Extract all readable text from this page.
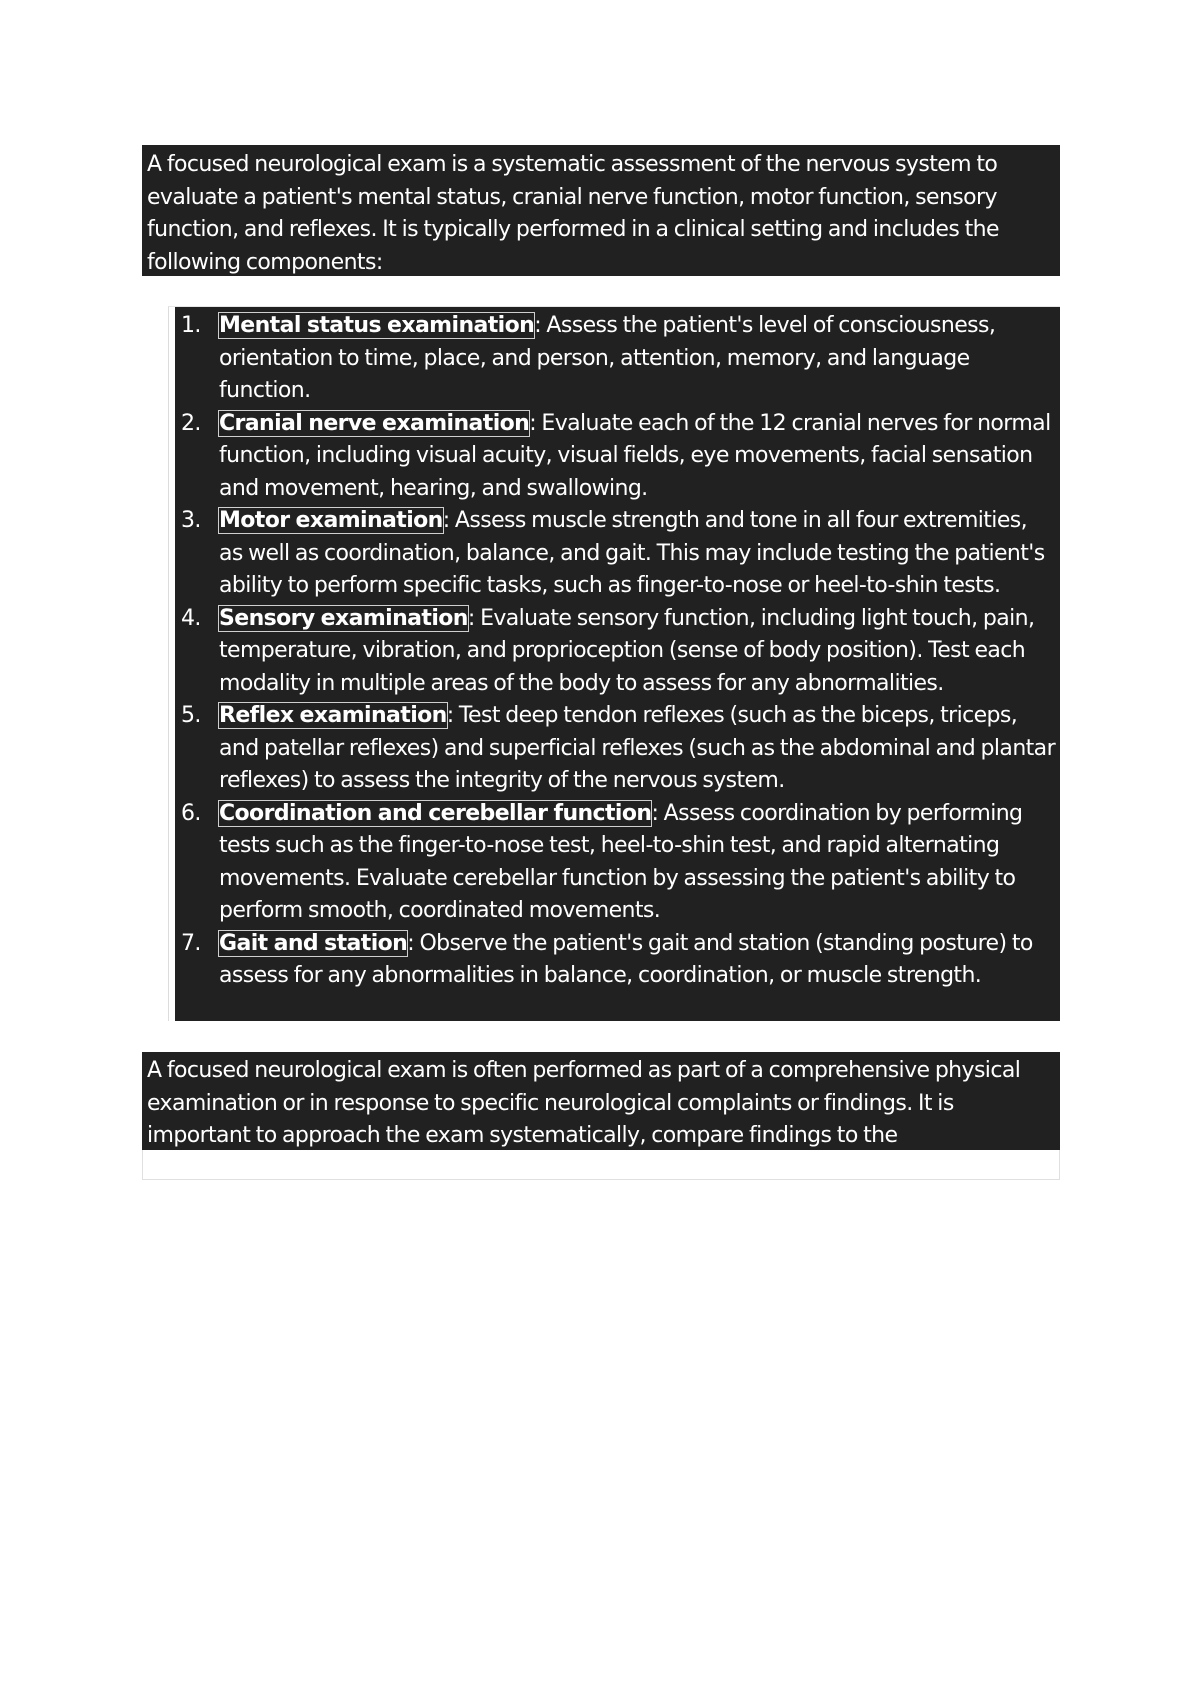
A focused neurological exam is a systematic assessment of the nervous system to evaluate a patient's mental status, cranial nerve function, motor function, sensory function, and reflexes. It is typically performed in a clinical setting and includes the following components:
1. Mental status examination: Assess the patient's level of consciousness, orientation to time, place, and person, attention, memory, and language function.
2. Cranial nerve examination: Evaluate each of the 12 cranial nerves for normal function, including visual acuity, visual fields, eye movements, facial sensation and movement, hearing, and swallowing.
3. Motor examination: Assess muscle strength and tone in all four extremities, as well as coordination, balance, and gait. This may include testing the patient's ability to perform specific tasks, such as finger-to-nose or heel-to-shin tests.
4. Sensory examination: Evaluate sensory function, including light touch, pain, temperature, vibration, and proprioception (sense of body position). Test each modality in multiple areas of the body to assess for any abnormalities.
5. Reflex examination: Test deep tendon reflexes (such as the biceps, triceps, and patellar reflexes) and superficial reflexes (such as the abdominal and plantar reflexes) to assess the integrity of the nervous system.
6. Coordination and cerebellar function: Assess coordination by performing tests such as the finger-to-nose test, heel-to-shin test, and rapid alternating movements. Evaluate cerebellar function by assessing the patient's ability to perform smooth, coordinated movements.
7. Gait and station: Observe the patient's gait and station (standing posture) to assess for any abnormalities in balance, coordination, or muscle strength.
A focused neurological exam is often performed as part of a comprehensive physical examination or in response to specific neurological complaints or findings. It is important to approach the exam systematically, compare findings to the
